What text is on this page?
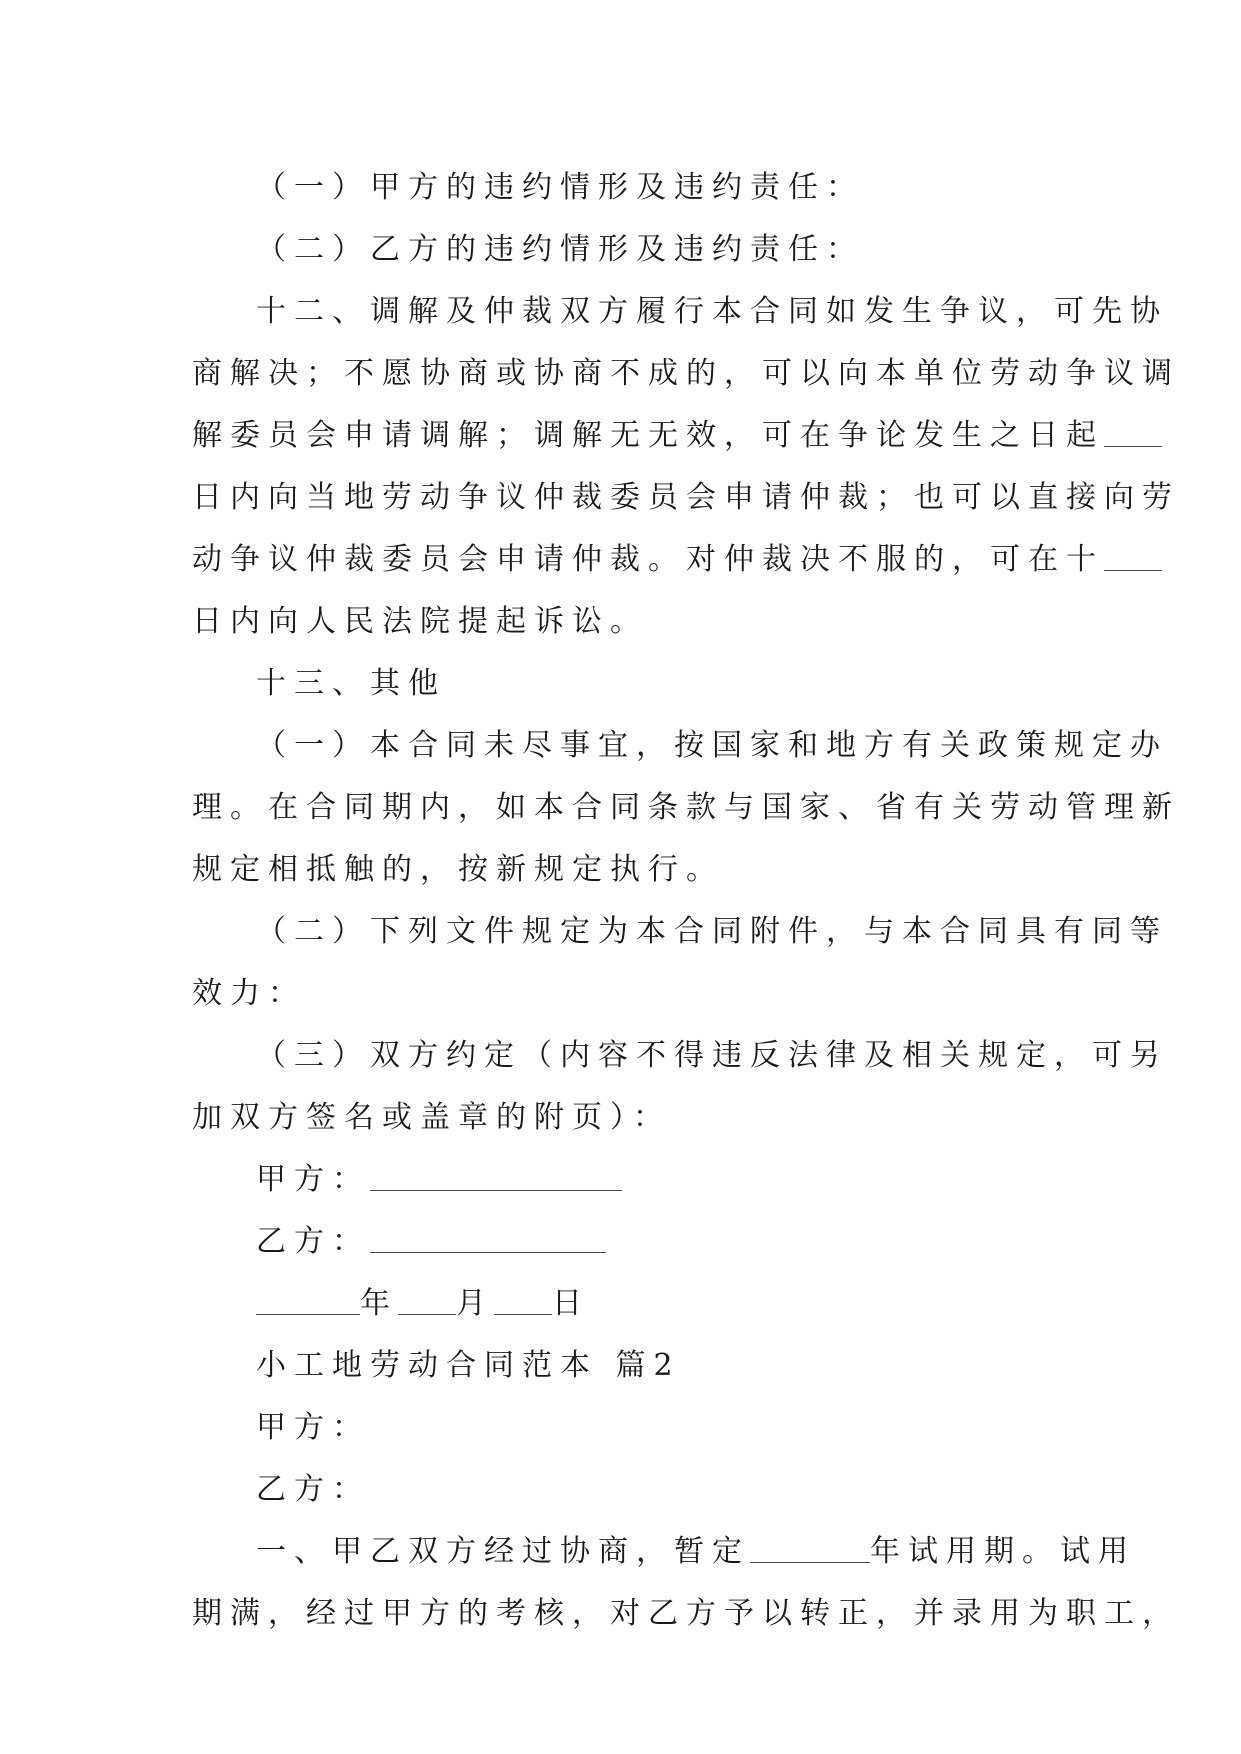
（一）甲方的违约情形及违约责任：
（二）乙方的违约情形及违约责任：
十二、调解及仲裁双方履行本合同如发生争议，可先协
商解决；不愿协商或协商不成的，可以向本单位劳动争议调
解委员会申请调解；调解无无效，可在争论发生之日起
日内向当地劳动争议仲裁委员会申请仲裁；也可以直接向劳
动争议仲裁委员会申请仲裁。对仲裁决不服的，可在十
日内向人民法院提起诉讼。
十三、其他
（一）本合同未尽事宜，按国家和地方有关政策规定办
理。在合同期内，如本合同条款与国家、省有关劳动管理新
规定相抵触的，按新规定执行。
（二）下列文件规定为本合同附件，与本合同具有同等
效力：
（三）双方约定（内容不得违反法律及相关规定，可另
加双方签名或盖章的附页）：
甲方：
乙方：
年 月 日
小工地劳动合同范本 篇2
甲方：
乙方：
一、甲乙双方经过协商，暂定	年试用期。试用
期满，经过甲方的考核，对乙方予以转正，并录用为职工，
